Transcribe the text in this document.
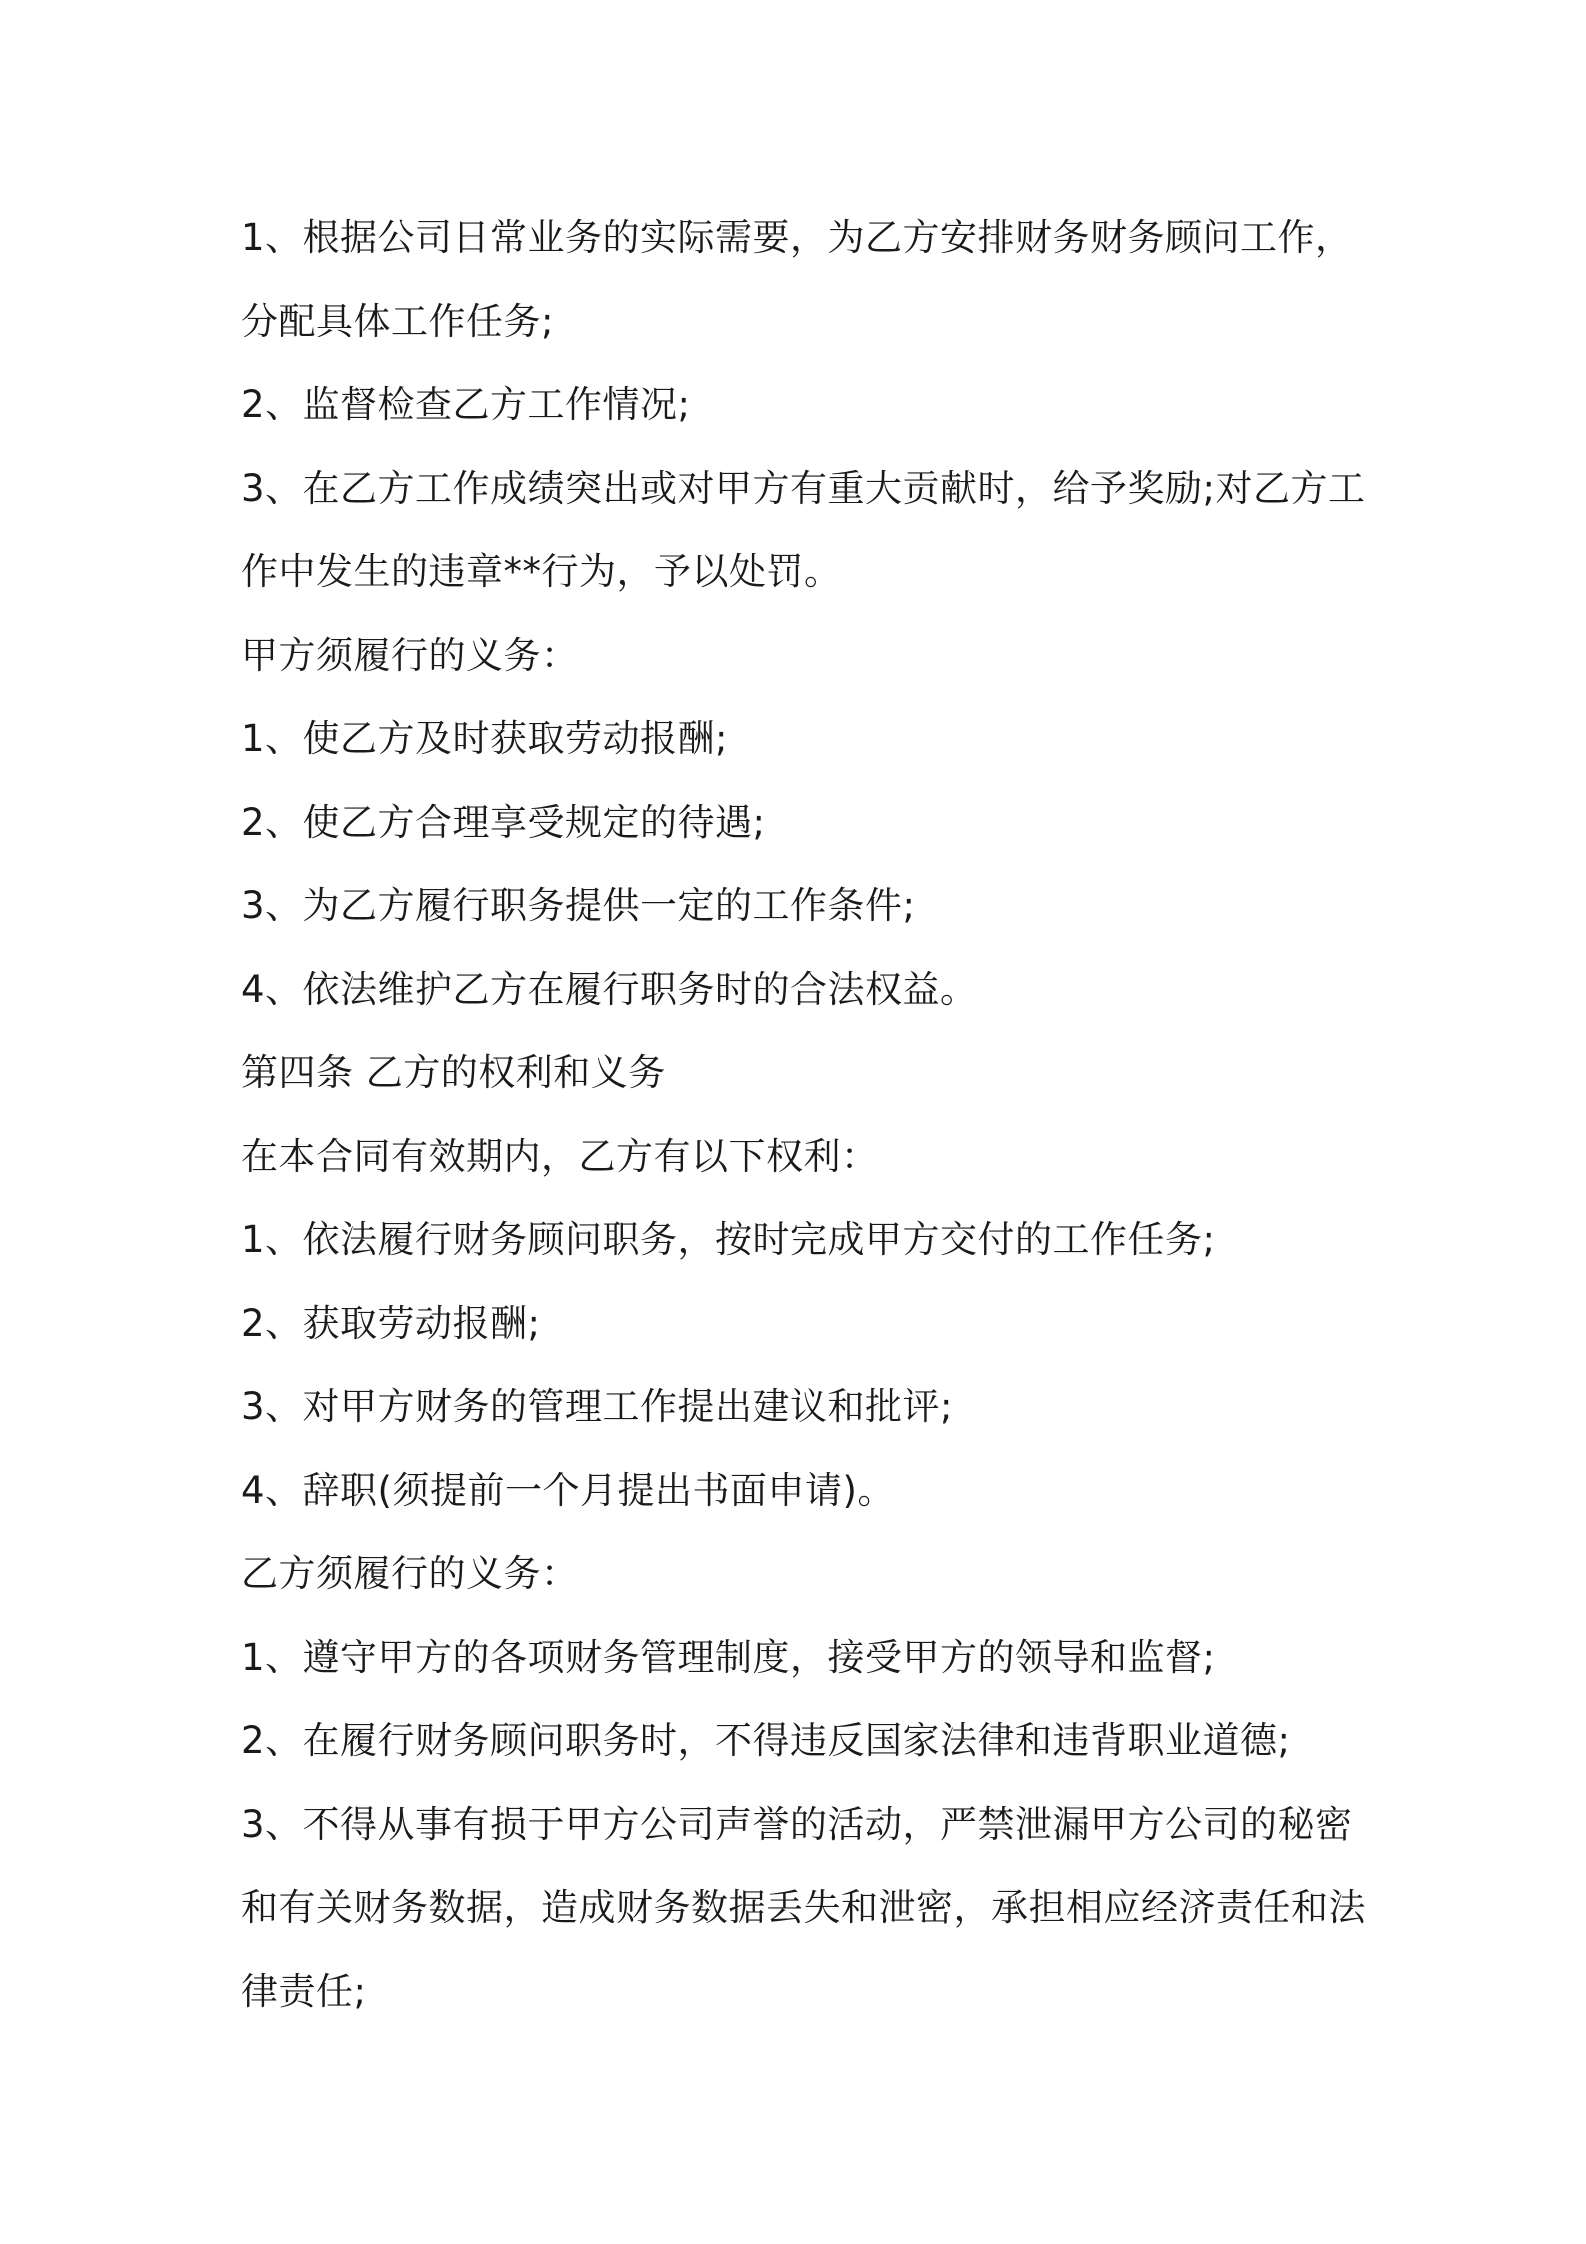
1、根据公司日常业务的实际需要，为乙方安排财务财务顾问工作，

分配具体工作任务;

2、监督检查乙方工作情况;

3、在乙方工作成绩突出或对甲方有重大贡献时，给予奖励;对乙方工

作中发生的违章**行为，予以处罚。

甲方须履行的义务：

1、使乙方及时获取劳动报酬;

2、使乙方合理享受规定的待遇;

3、为乙方履行职务提供一定的工作条件;

4、依法维护乙方在履行职务时的合法权益。

第四条 乙方的权利和义务

在本合同有效期内，乙方有以下权利：

1、依法履行财务顾问职务，按时完成甲方交付的工作任务;

2、获取劳动报酬;

3、对甲方财务的管理工作提出建议和批评;

4、辞职(须提前一个月提出书面申请)。

乙方须履行的义务：

1、遵守甲方的各项财务管理制度，接受甲方的领导和监督;

2、在履行财务顾问职务时，不得违反国家法律和违背职业道德;

3、不得从事有损于甲方公司声誉的活动，严禁泄漏甲方公司的秘密

和有关财务数据，造成财务数据丢失和泄密，承担相应经济责任和法

律责任;
